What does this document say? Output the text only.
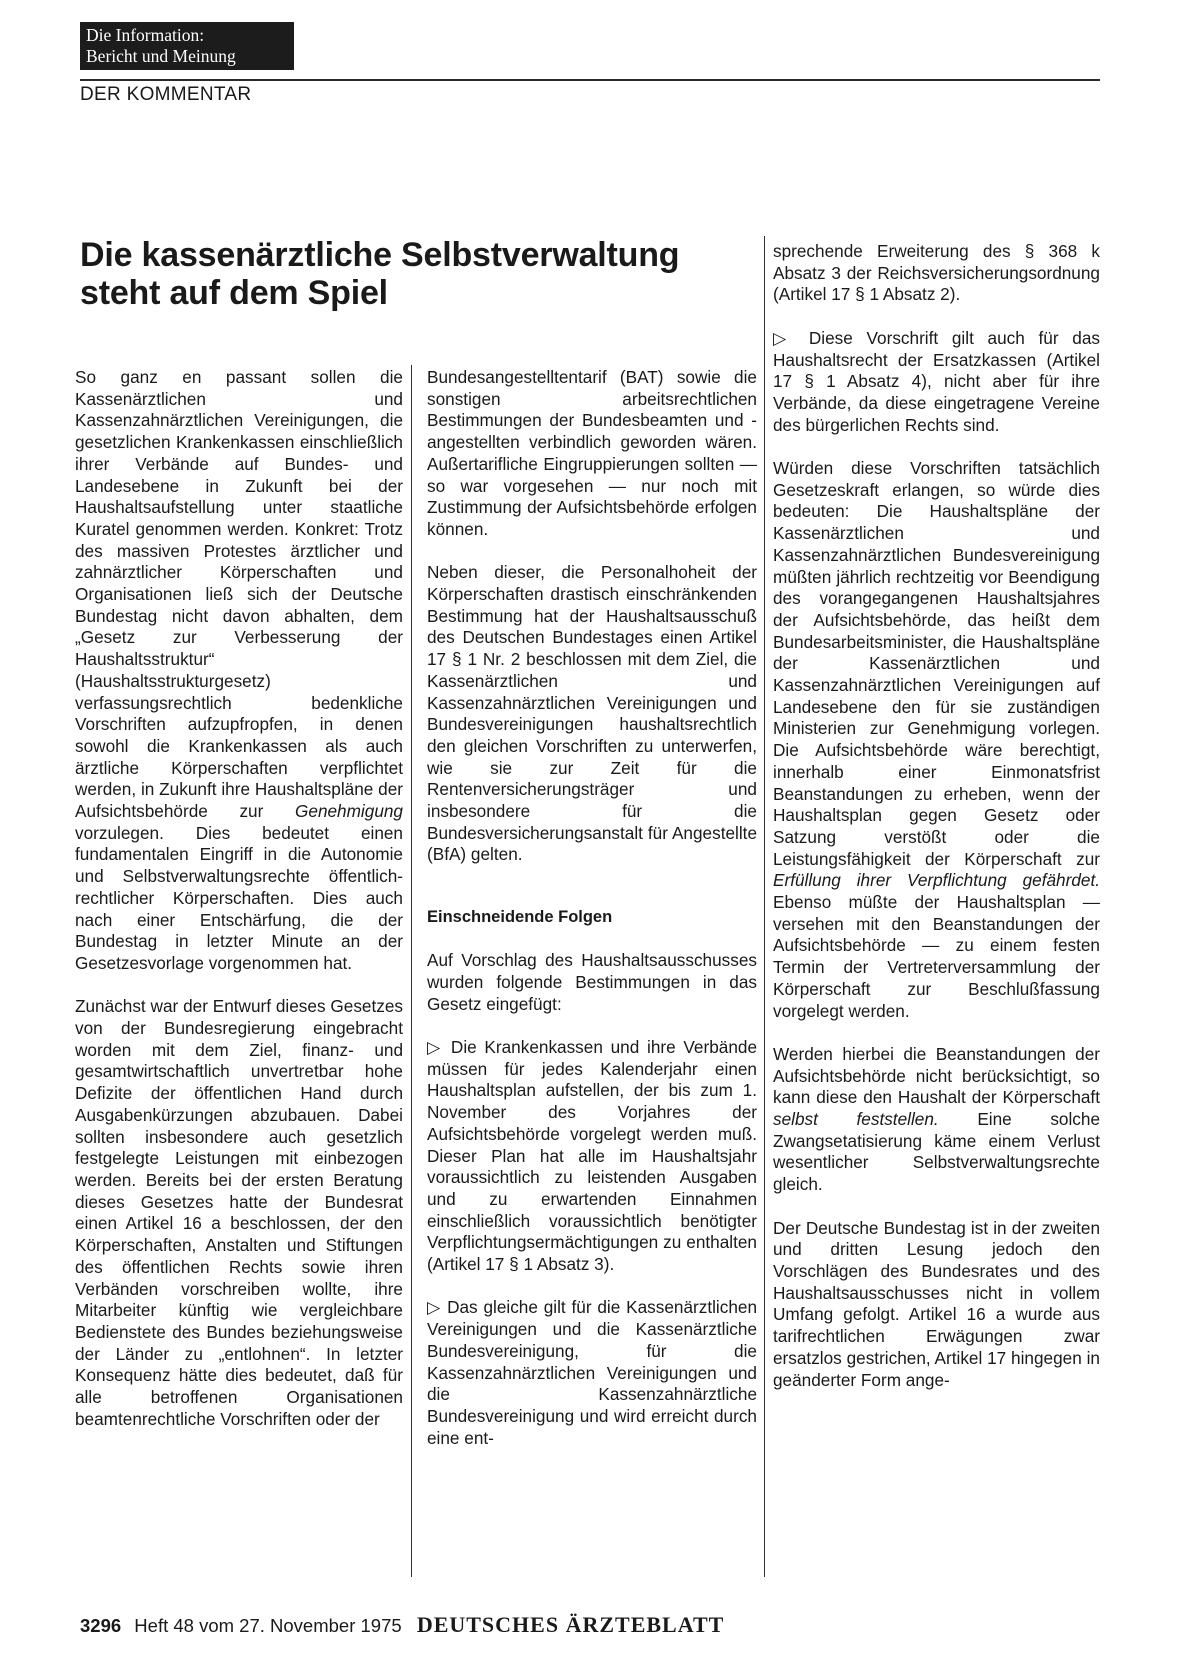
Die Information:
Bericht und Meinung
DER KOMMENTAR
Die kassenärztliche Selbstverwaltung
steht auf dem Spiel

So ganz en passant sollen die Kassenärztlichen und Kassenzahnärztlichen Vereinigungen, die gesetzlichen Krankenkassen einschließlich ihrer Verbände auf Bundes- und Landesebene in Zukunft bei der Haushaltsaufstellung unter staatliche Kuratel genommen werden. Konkret: Trotz des massiven Protestes ärztlicher und zahnärztlicher Körperschaften und Organisationen ließ sich der Deutsche Bundestag nicht davon abhalten, dem „Gesetz zur Verbesserung der Haushaltsstruktur“ (Haushaltsstrukturgesetz) verfassungsrechtlich bedenkliche Vorschriften aufzupfropfen, in denen sowohl die Krankenkassen als auch ärztliche Körperschaften verpflichtet werden, in Zukunft ihre Haushaltspläne der Aufsichtsbehörde zur Genehmigung vorzulegen. Dies bedeutet einen fundamentalen Eingriff in die Autonomie und Selbstverwaltungsrechte öffentlich-rechtlicher Körperschaften. Dies auch nach einer Entschärfung, die der Bundestag in letzter Minute an der Gesetzesvorlage vorgenommen hat.

Zunächst war der Entwurf dieses Gesetzes von der Bundesregierung eingebracht worden mit dem Ziel, finanz- und gesamtwirtschaftlich unvertretbar hohe Defizite der öffentlichen Hand durch Ausgabenkürzungen abzubauen. Dabei sollten insbesondere auch gesetzlich festgelegte Leistungen mit einbezogen werden. Bereits bei der ersten Beratung dieses Gesetzes hatte der Bundesrat einen Artikel 16 a beschlossen, der den Körperschaften, Anstalten und Stiftungen des öffentlichen Rechts sowie ihren Verbänden vorschreiben wollte, ihre Mitarbeiter künftig wie vergleichbare Bedienstete des Bundes beziehungsweise der Länder zu „entlohnen“. In letzter Konsequenz hätte dies bedeutet, daß für alle betroffenen Organisationen beamtenrechtliche Vorschriften oder der

Bundesangestelltentarif (BAT) sowie die sonstigen arbeitsrechtlichen Bestimmungen der Bundesbeamten und -angestellten verbindlich geworden wären. Außertarifliche Eingruppierungen sollten — so war vorgesehen — nur noch mit Zustimmung der Aufsichtsbehörde erfolgen können.

Neben dieser, die Personalhoheit der Körperschaften drastisch einschränkenden Bestimmung hat der Haushaltsausschuß des Deutschen Bundestages einen Artikel 17 § 1 Nr. 2 beschlossen mit dem Ziel, die Kassenärztlichen und Kassenzahnärztlichen Vereinigungen und Bundesvereinigungen haushaltsrechtlich den gleichen Vorschriften zu unterwerfen, wie sie zur Zeit für die Rentenversicherungsträger und insbesondere für die Bundesversicherungsanstalt für Angestellte (BfA) gelten.

Einschneidende Folgen

Auf Vorschlag des Haushaltsausschusses wurden folgende Bestimmungen in das Gesetz eingefügt:

▷ Die Krankenkassen und ihre Verbände müssen für jedes Kalenderjahr einen Haushaltsplan aufstellen, der bis zum 1. November des Vorjahres der Aufsichtsbehörde vorgelegt werden muß. Dieser Plan hat alle im Haushaltsjahr voraussichtlich zu leistenden Ausgaben und zu erwartenden Einnahmen einschließlich voraussichtlich benötigter Verpflichtungsermächtigungen zu enthalten (Artikel 17 § 1 Absatz 3).

▷ Das gleiche gilt für die Kassenärztlichen Vereinigungen und die Kassenärztliche Bundesvereinigung, für die Kassenzahnärztlichen Vereinigungen und die Kassenzahnärztliche Bundesvereinigung und wird erreicht durch eine ent-

sprechende Erweiterung des § 368 k Absatz 3 der Reichsversicherungsordnung (Artikel 17 § 1 Absatz 2).

▷ Diese Vorschrift gilt auch für das Haushaltsrecht der Ersatzkassen (Artikel 17 § 1 Absatz 4), nicht aber für ihre Verbände, da diese eingetragene Vereine des bürgerlichen Rechts sind.

Würden diese Vorschriften tatsächlich Gesetzeskraft erlangen, so würde dies bedeuten: Die Haushaltspläne der Kassenärztlichen und Kassenzahnärztlichen Bundesvereinigung müßten jährlich rechtzeitig vor Beendigung des vorangegangenen Haushaltsjahres der Aufsichtsbehörde, das heißt dem Bundesarbeitsminister, die Haushaltspläne der Kassenärztlichen und Kassenzahnärztlichen Vereinigungen auf Landesebene den für sie zuständigen Ministerien zur Genehmigung vorlegen. Die Aufsichtsbehörde wäre berechtigt, innerhalb einer Einmonatsfrist Beanstandungen zu erheben, wenn der Haushaltsplan gegen Gesetz oder Satzung verstößt oder die Leistungsfähigkeit der Körperschaft zur Erfüllung ihrer Verpflichtung gefährdet. Ebenso müßte der Haushaltsplan — versehen mit den Beanstandungen der Aufsichtsbehörde — zu einem festen Termin der Vertreterversammlung der Körperschaft zur Beschlußfassung vorgelegt werden.

Werden hierbei die Beanstandungen der Aufsichtsbehörde nicht berücksichtigt, so kann diese den Haushalt der Körperschaft selbst feststellen. Eine solche Zwangsetatisierung käme einem Verlust wesentlicher Selbstverwaltungsrechte gleich.

Der Deutsche Bundestag ist in der zweiten und dritten Lesung jedoch den Vorschlägen des Bundesrates und des Haushaltsausschusses nicht in vollem Umfang gefolgt. Artikel 16 a wurde aus tarifrechtlichen Erwägungen zwar ersatzlos gestrichen, Artikel 17 hingegen in geänderter Form ange-

3296 Heft 48 vom 27. November 1975 DEUTSCHES ÄRZTEBLATT
